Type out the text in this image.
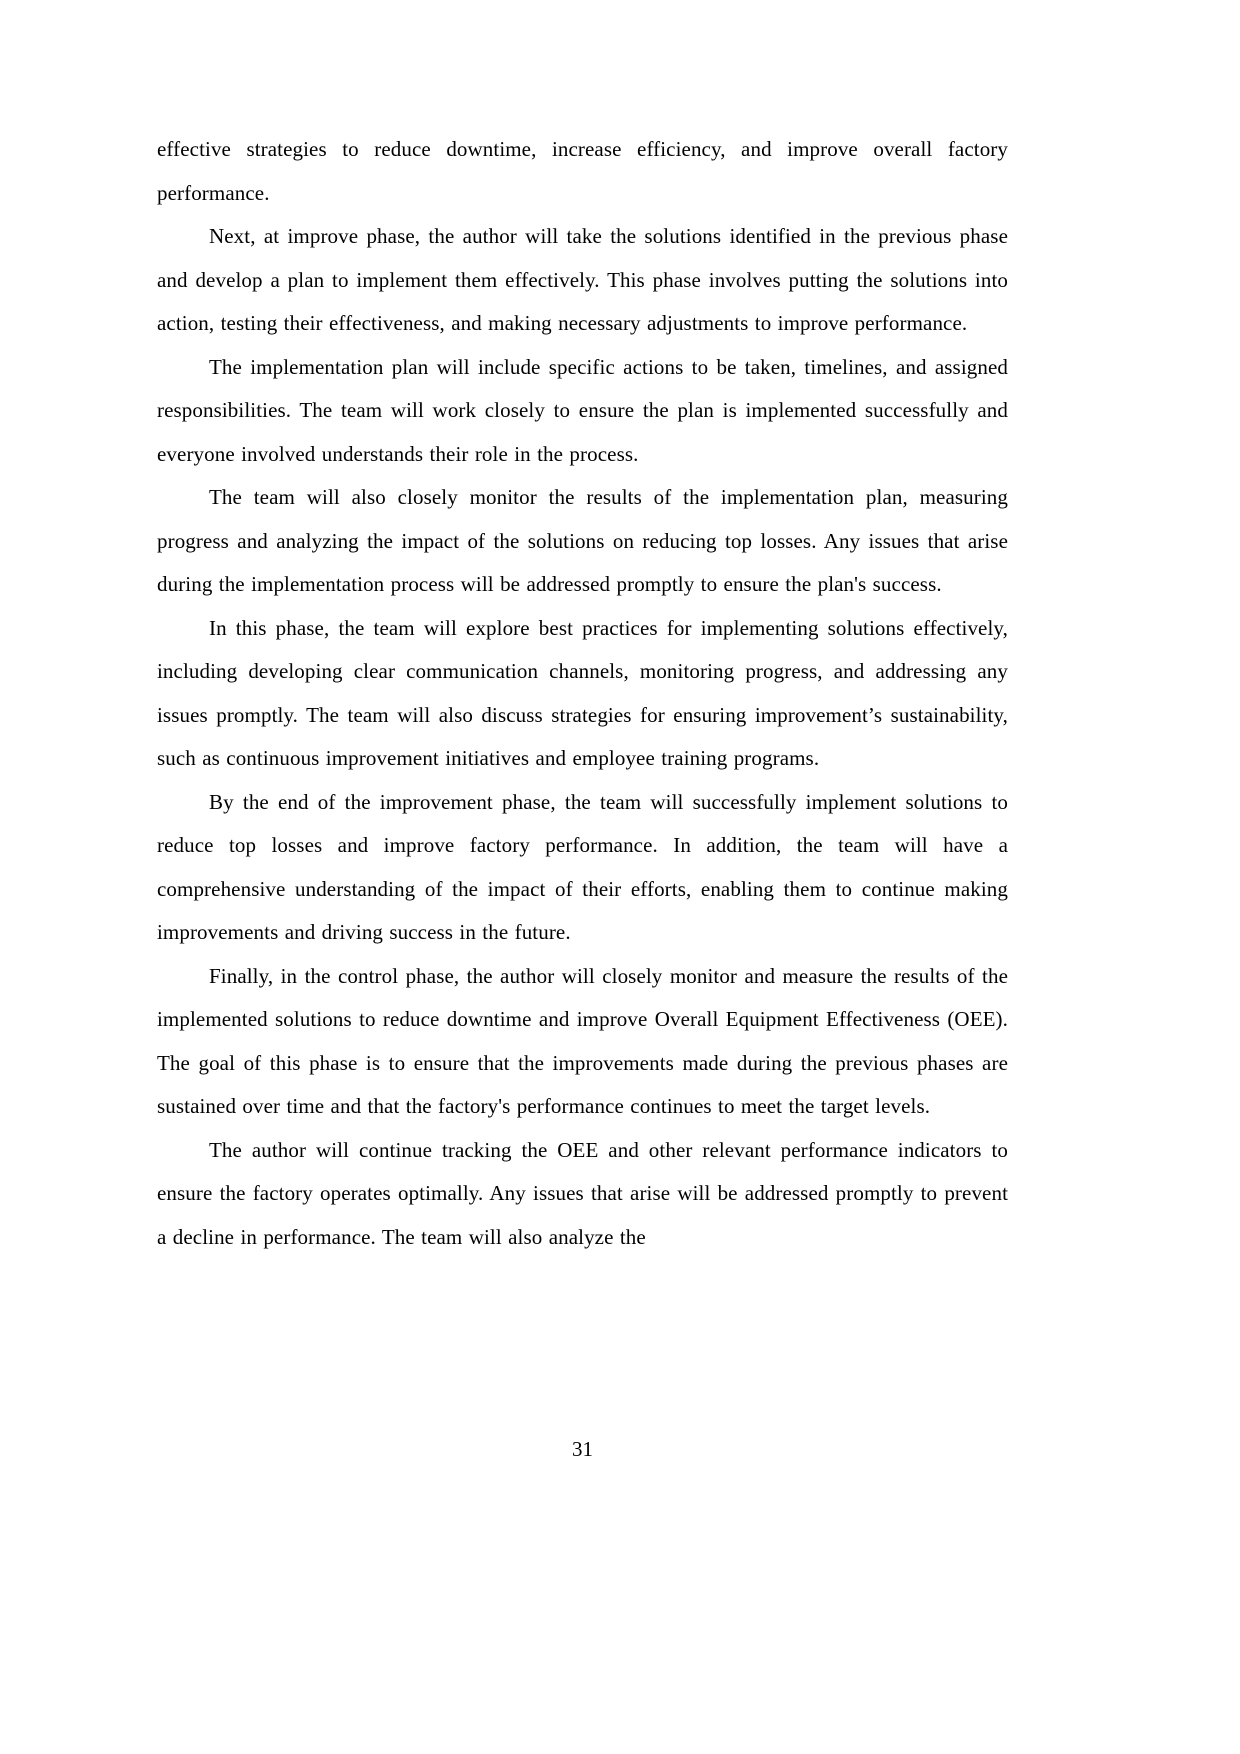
effective strategies to reduce downtime, increase efficiency, and improve overall factory performance.

Next, at improve phase, the author will take the solutions identified in the previous phase and develop a plan to implement them effectively. This phase involves putting the solutions into action, testing their effectiveness, and making necessary adjustments to improve performance.

The implementation plan will include specific actions to be taken, timelines, and assigned responsibilities. The team will work closely to ensure the plan is implemented successfully and everyone involved understands their role in the process.

The team will also closely monitor the results of the implementation plan, measuring progress and analyzing the impact of the solutions on reducing top losses. Any issues that arise during the implementation process will be addressed promptly to ensure the plan's success.

In this phase, the team will explore best practices for implementing solutions effectively, including developing clear communication channels, monitoring progress, and addressing any issues promptly. The team will also discuss strategies for ensuring improvement’s sustainability, such as continuous improvement initiatives and employee training programs.

By the end of the improvement phase, the team will successfully implement solutions to reduce top losses and improve factory performance. In addition, the team will have a comprehensive understanding of the impact of their efforts, enabling them to continue making improvements and driving success in the future.

Finally, in the control phase, the author will closely monitor and measure the results of the implemented solutions to reduce downtime and improve Overall Equipment Effectiveness (OEE). The goal of this phase is to ensure that the improvements made during the previous phases are sustained over time and that the factory's performance continues to meet the target levels.

The author will continue tracking the OEE and other relevant performance indicators to ensure the factory operates optimally. Any issues that arise will be addressed promptly to prevent a decline in performance. The team will also analyze the

31
